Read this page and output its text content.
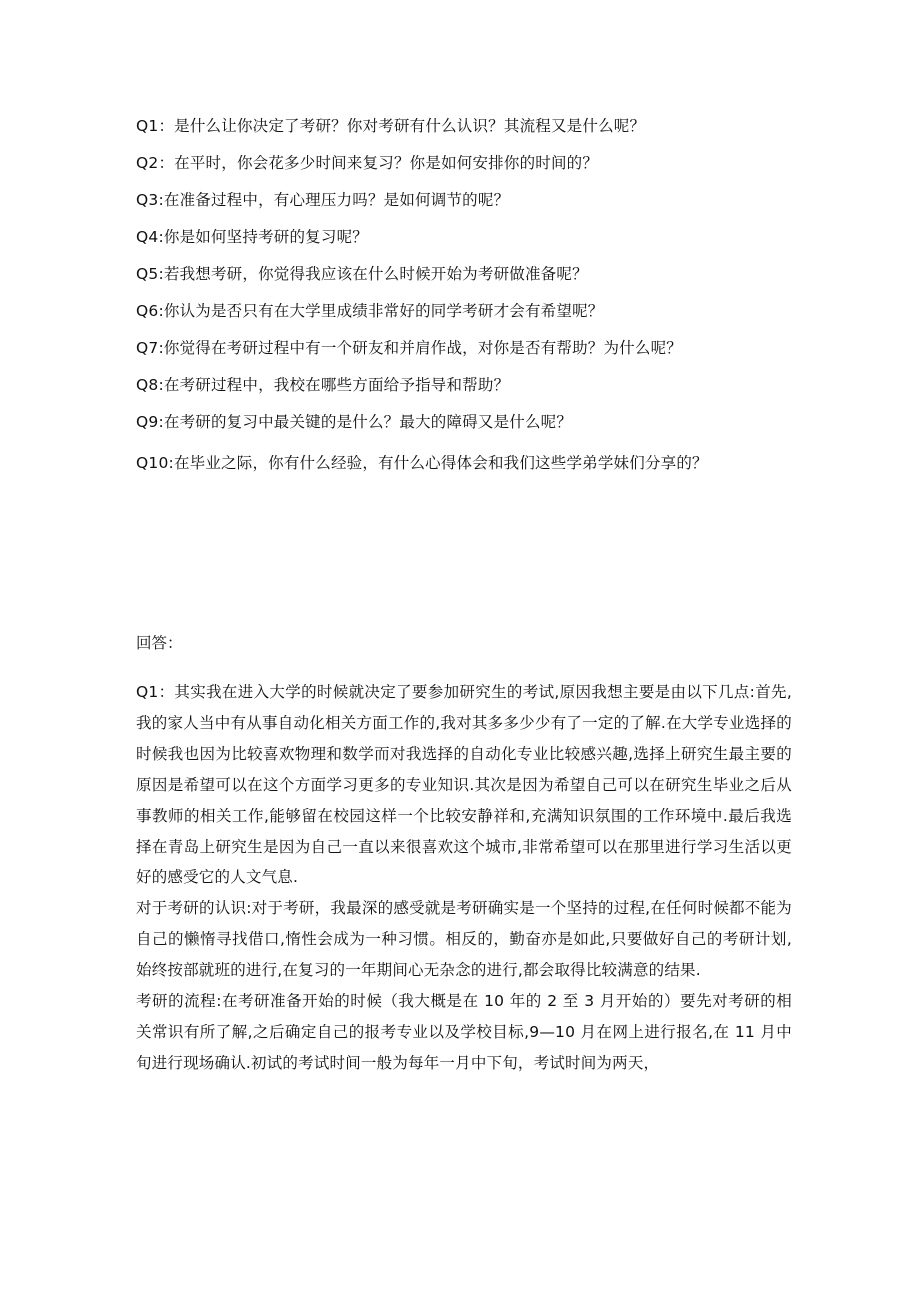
Q1：是什么让你决定了考研？你对考研有什么认识？其流程又是什么呢？
Q2：在平时，你会花多少时间来复习？你是如何安排你的时间的？
Q3:在准备过程中，有心理压力吗？是如何调节的呢？
Q4:你是如何坚持考研的复习呢？
Q5:若我想考研，你觉得我应该在什么时候开始为考研做准备呢？
Q6:你认为是否只有在大学里成绩非常好的同学考研才会有希望呢？
Q7:你觉得在考研过程中有一个研友和并肩作战，对你是否有帮助？为什么呢？
Q8:在考研过程中，我校在哪些方面给予指导和帮助？
Q9:在考研的复习中最关键的是什么？最大的障碍又是什么呢？
Q10:在毕业之际，你有什么经验，有什么心得体会和我们这些学弟学妹们分享的？
回答：

Q1：其实我在进入大学的时候就决定了要参加研究生的考试,原因我想主要是由以下几点:首先,我的家人当中有从事自动化相关方面工作的,我对其多多少少有了一定的了解.在大学专业选择的时候我也因为比较喜欢物理和数学而对我选择的自动化专业比较感兴趣,选择上研究生最主要的原因是希望可以在这个方面学习更多的专业知识.其次是因为希望自己可以在研究生毕业之后从事教师的相关工作,能够留在校园这样一个比较安静祥和,充满知识氛围的工作环境中.最后我选择在青岛上研究生是因为自己一直以来很喜欢这个城市,非常希望可以在那里进行学习生活以更好的感受它的人文气息.

对于考研的认识:对于考研，我最深的感受就是考研确实是一个坚持的过程,在任何时候都不能为自己的懒惰寻找借口,惰性会成为一种习惯。相反的，勤奋亦是如此,只要做好自己的考研计划,始终按部就班的进行,在复习的一年期间心无杂念的进行,都会取得比较满意的结果.

考研的流程:在考研准备开始的时候（我大概是在 10 年的 2 至 3 月开始的）要先对考研的相关常识有所了解,之后确定自己的报考专业以及学校目标,9—10 月在网上进行报名,在 11 月中旬进行现场确认.初试的考试时间一般为每年一月中下旬，考试时间为两天，
